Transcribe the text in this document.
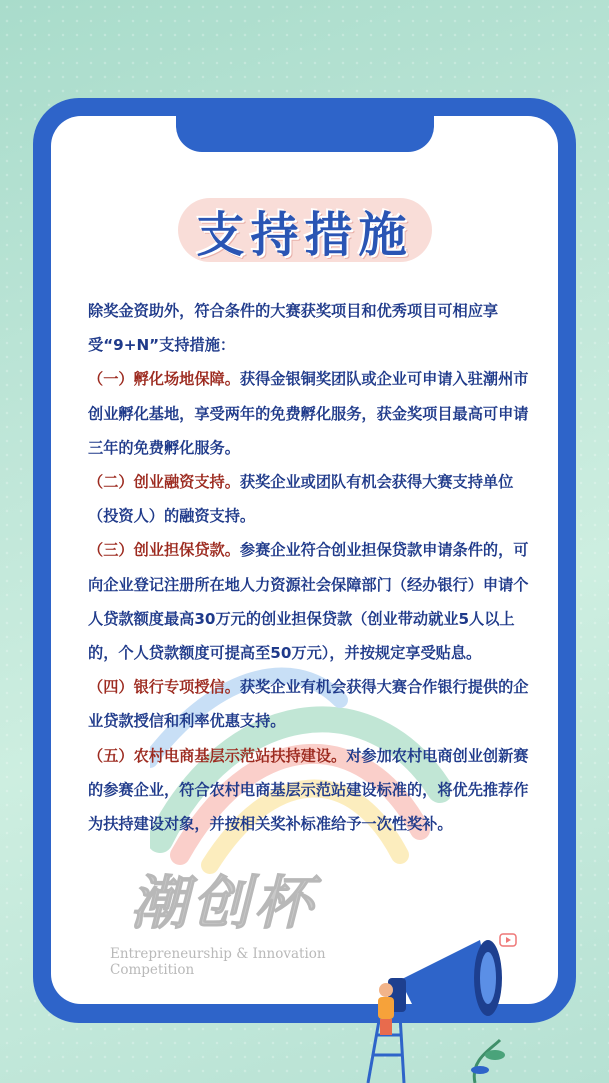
支持措施

除奖金资助外，符合条件的大赛获奖项目和优秀项目可相应享受“9+N”支持措施：

（一）孵化场地保障。获得金银铜奖团队或企业可申请入驻潮州市创业孵化基地，享受两年的免费孵化服务，获金奖项目最高可申请三年的免费孵化服务。

（二）创业融资支持。获奖企业或团队有机会获得大赛支持单位（投资人）的融资支持。

（三）创业担保贷款。参赛企业符合创业担保贷款申请条件的，可向企业登记注册所在地人力资源社会保障部门（经办银行）申请个人贷款额度最高30万元的创业担保贷款（创业带动就业5人以上的，个人贷款额度可提高至50万元），并按规定享受贴息。

（四）银行专项授信。获奖企业有机会获得大赛合作银行提供的企业贷款授信和利率优惠支持。

（五）农村电商基层示范站扶持建设。对参加农村电商创业创新赛的参赛企业，符合农村电商基层示范站建设标准的，将优先推荐作为扶持建设对象，并按相关奖补标准给予一次性奖补。

潮创杯
Entrepreneurship & Innovation Competition
